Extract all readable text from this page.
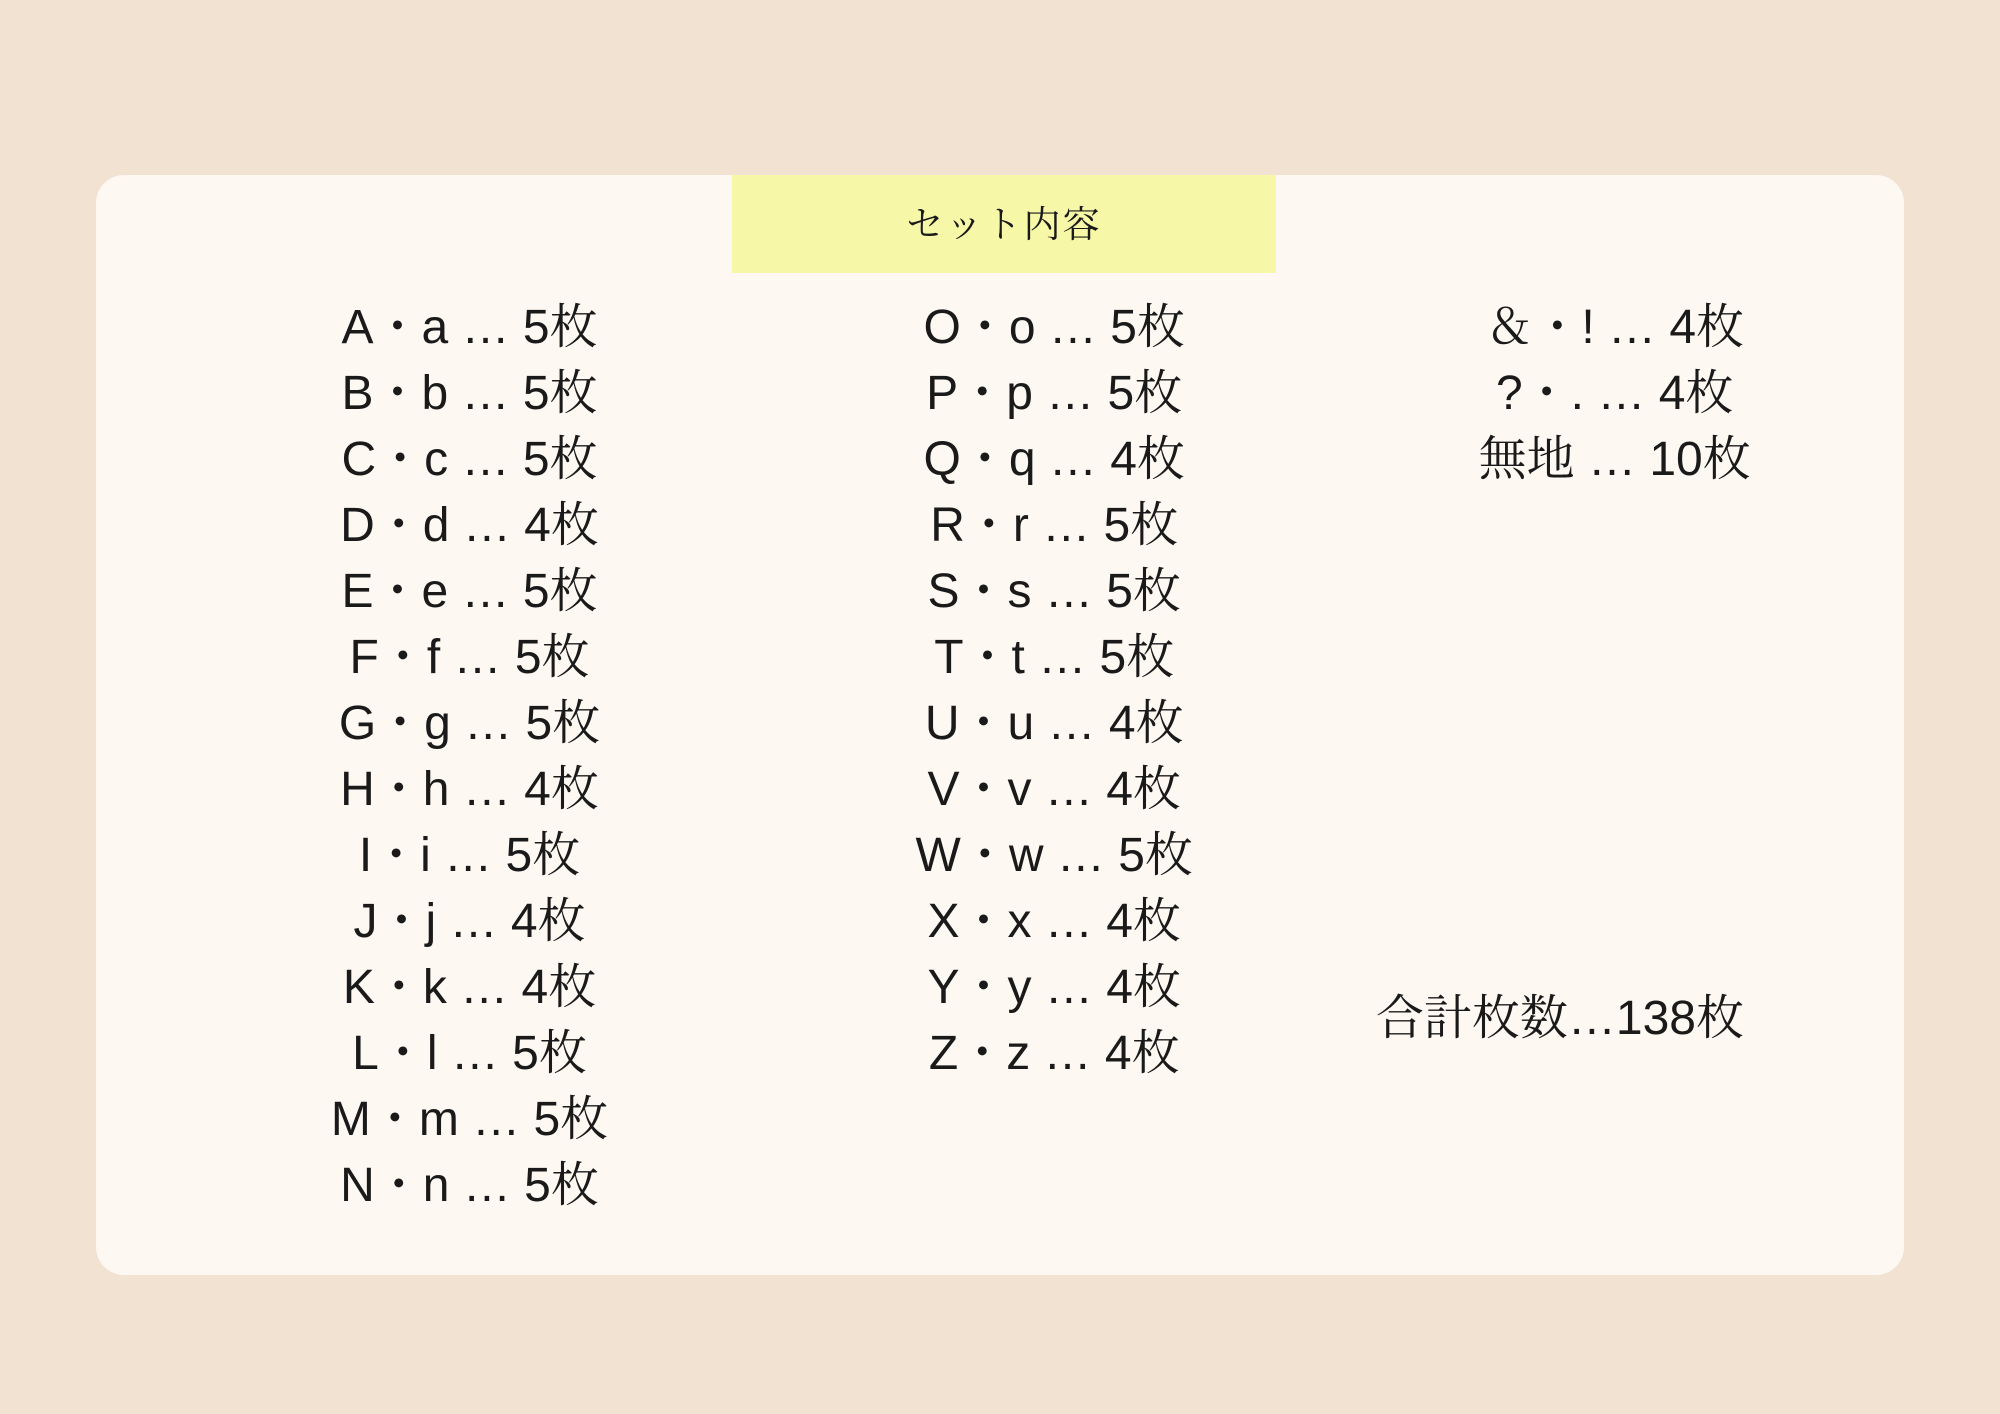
セット内容
A・a … 5枚
B・b … 5枚
C・c … 5枚
D・d … 4枚
E・e … 5枚
F・f … 5枚
G・g … 5枚
H・h … 4枚
I・i … 5枚
J・j … 4枚
K・k … 4枚
L・l … 5枚
M・m … 5枚
N・n … 5枚
O・o … 5枚
P・p … 5枚
Q・q … 4枚
R・r … 5枚
S・s … 5枚
T・t … 5枚
U・u … 4枚
V・v … 4枚
W・w … 5枚
X・x … 4枚
Y・y … 4枚
Z・z … 4枚
＆・! … 4枚
?・. … 4枚
無地 … 10枚
合計枚数…138枚
